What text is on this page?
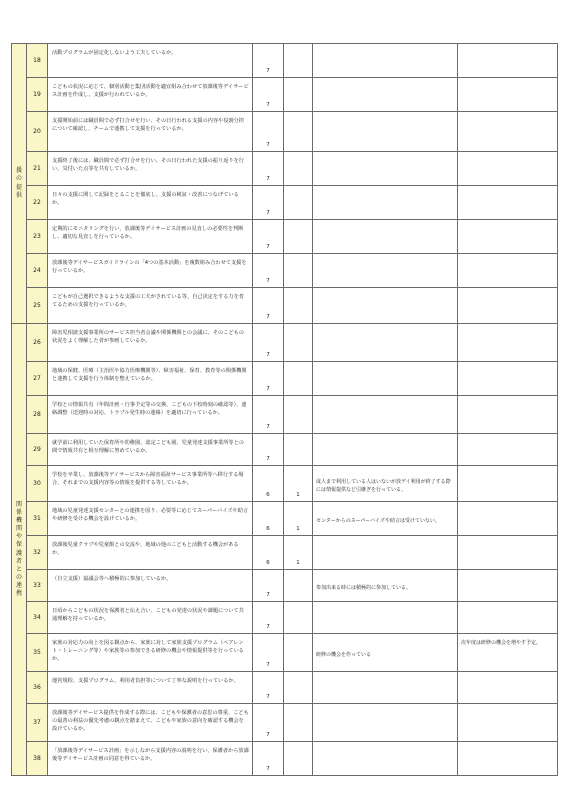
援の提供	18	活動プログラムが固定化しないよう工夫しているか。	7			
	19	こどもの状況に応じて、個別活動と集団活動を適宜組み合わせて放課後等デイサービス計画を作成し、支援が行われているか。	7			
	20	支援開始前には職員間で必ず打合せを行い、その日行われる支援の内容や役割分担について確認し、チームで連携して支援を行っているか。	7			
	21	支援終了後には、職員間で必ず打合せを行い、その日行われた支援の振り返りを行い、気付いた点等を共有しているか。	7			
	22	日々の支援に関して記録をとることを徹底し、支援の検証・改善につなげているか。	7			
	23	定期的にモニタリングを行い、放課後等デイサービス計画の見直しの必要性を判断し、適切な見直しを行っているか。	7			
	24	放課後等デイサービスガイドラインの「4つの基本活動」を複数組み合わせて支援を行っているか。	7			
	25	こどもが自己選択できるような支援の工夫がされている等、自己決定をする力を育てるための支援を行っているか。	7			

関係機関や保護者との連携	26	障害児相談支援事業所のサービス担当者会議や関係機関との会議に、そのこどもの状況をよく理解した者が参画しているか。	7			
	27	地域の保健、医療（主治医や協力医療機関等）、障害福祉、保育、教育等の関係機関と連携して支援を行う体制を整えているか。	7			
	28	学校との情報共有（年間計画・行事予定等の交換、こどもの下校時刻の確認等）、連絡調整（送迎時の対応、トラブル発生時の連絡）を適切に行っているか。	7			
	29	就学前に利用していた保育所や幼稚園、認定こども園、児童発達支援事業所等との間で情報共有と相互理解に努めているか。	7			
	30	学校を卒業し、放課後等デイサービスから障害福祉サービス事業所等へ移行する場合、それまでの支援内容等の情報を提供する等しているか。	6	1	成人まで利用している人はいないが放デイ利用が終了する際には情報提供など引継ぎを行っている。	
	31	地域の児童発達支援センターとの連携を図り、必要等に応じてスーパーバイズや助言や研修を受ける機会を設けているか。	6	1	センターからのスーパーバイズや助言は受けていない。	
	32	放課後児童クラブや児童館との交流や、地域の他のこどもと活動する機会があるか。	6	1		
	33	（自立支援）協議会等へ積極的に参加しているか。	7		参加出来る時には積極的に参加している。	
	34	日頃からこどもの状況を保護者と伝え合い、こどもの発達の状況や課題について共通理解を持っているか。	7			
	35	家族の対応力の向上を図る観点から、家族に対して家族支援プログラム（ペアレント・トレーニング等）や家族等の参加できる研修の機会や情報提供等を行っているか。	7		研修の機会を作っている	次年度は研修の機会を増やす予定。
	36	運営規程、支援プログラム、利用者負担等について丁寧な説明を行っているか。	7			
	37	放課後等デイサービス提供を作成する際には、こどもや保護者の意思の尊重、こどもの最善の利益の優先考慮の観点を踏まえて、こどもや家族の意向を確認する機会を設けているか。	7			
	38	「放課後等デイサービス計画」を示しながら支援内容の説明を行い、保護者から放課後等デイサービス計画の同意を得ているか。	7			
